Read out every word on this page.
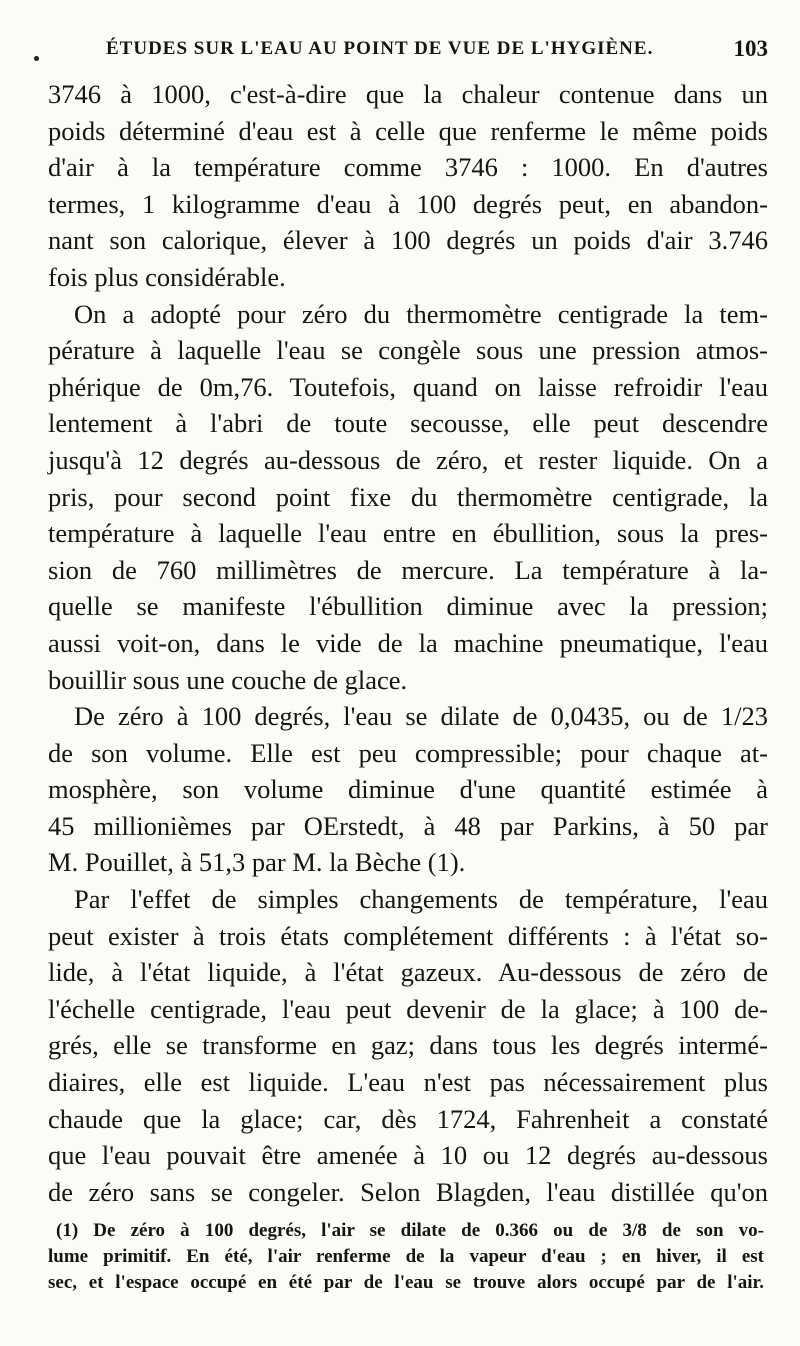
ÉTUDES SUR L'EAU AU POINT DE VUE DE L'HYGIÈNE.	103
3746 à 1000, c'est-à-dire que la chaleur contenue dans un
poids déterminé d'eau est à celle que renferme le même poids
d'air à la température comme 3746 : 1000. En d'autres
termes, 1 kilogramme d'eau à 100 degrés peut, en abandon-
nant son calorique, élever à 100 degrés un poids d'air 3.746
fois plus considérable.
On a adopté pour zéro du thermomètre centigrade la tem-
pérature à laquelle l'eau se congèle sous une pression atmos-
phérique de 0m,76. Toutefois, quand on laisse refroidir l'eau
lentement à l'abri de toute secousse, elle peut descendre
jusqu'à 12 degrés au-dessous de zéro, et rester liquide. On a
pris, pour second point fixe du thermomètre centigrade, la
température à laquelle l'eau entre en ébullition, sous la pres-
sion de 760 millimètres de mercure. La température à la-
quelle se manifeste l'ébullition diminue avec la pression;
aussi voit-on, dans le vide de la machine pneumatique, l'eau
bouillir sous une couche de glace.
De zéro à 100 degrés, l'eau se dilate de 0,0435, ou de 1/23
de son volume. Elle est peu compressible; pour chaque at-
mosphère, son volume diminue d'une quantité estimée à
45 millionièmes par OErstedt, à 48 par Parkins, à 50 par
M. Pouillet, à 51,3 par M. la Bèche (1).
Par l'effet de simples changements de température, l'eau
peut exister à trois états complétement différents : à l'état so-
lide, à l'état liquide, à l'état gazeux. Au-dessous de zéro de
l'échelle centigrade, l'eau peut devenir de la glace; à 100 de-
grés, elle se transforme en gaz; dans tous les degrés intermé-
diaires, elle est liquide. L'eau n'est pas nécessairement plus
chaude que la glace; car, dès 1724, Fahrenheit a constaté
que l'eau pouvait être amenée à 10 ou 12 degrés au-dessous
de zéro sans se congeler. Selon Blagden, l'eau distillée qu'on
(1) De zéro à 100 degrés, l'air se dilate de 0.366 ou de 3/8 de son vo-
lume primitif. En été, l'air renferme de la vapeur d'eau ; en hiver, il est
sec, et l'espace occupé en été par de l'eau se trouve alors occupé par de l'air.
